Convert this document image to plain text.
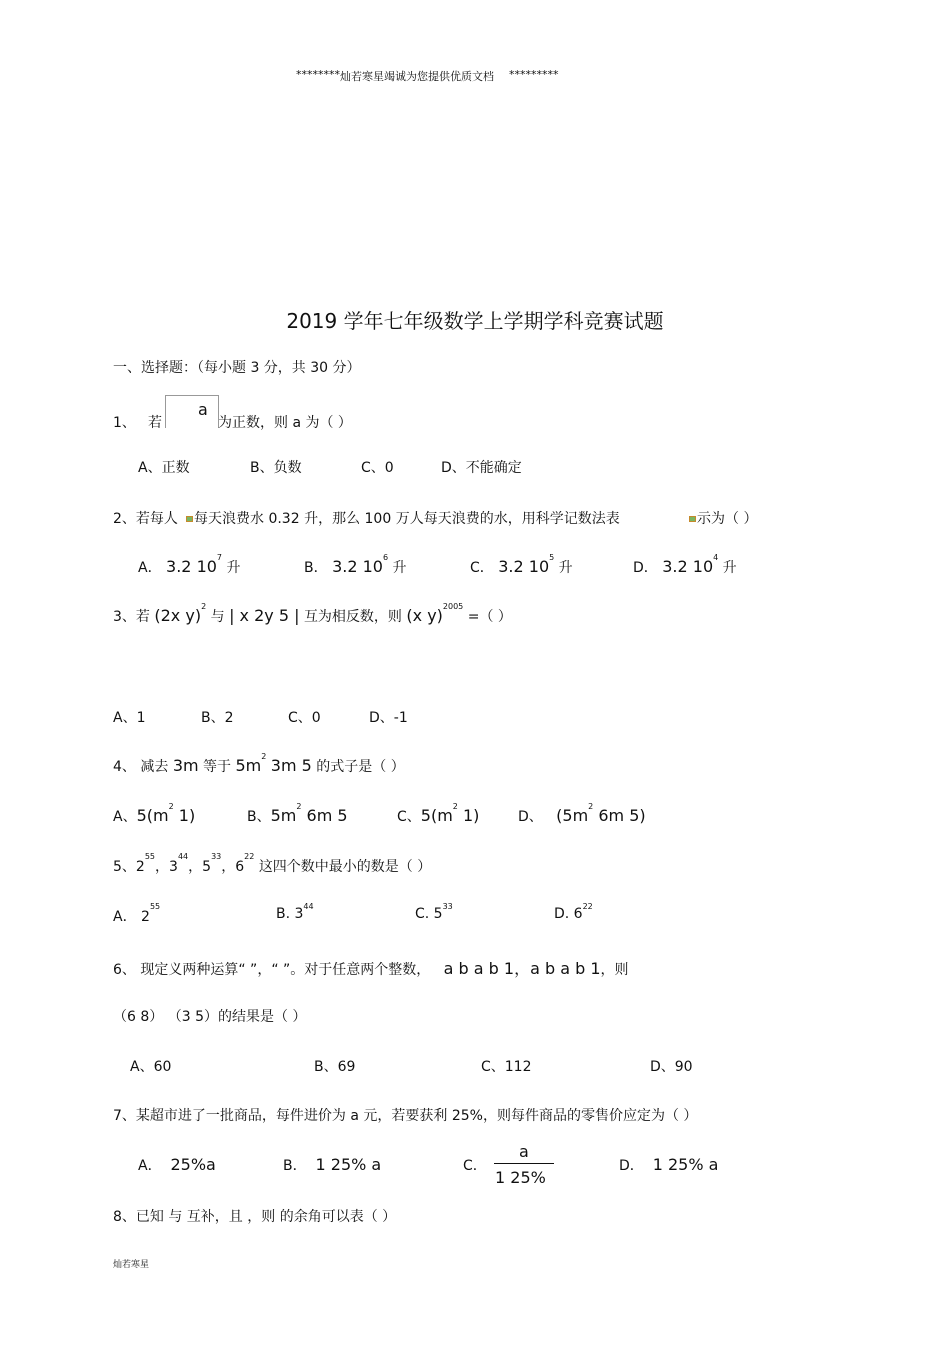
******** 灿若寒星竭诚为您提供优质文档 *********
2019 学年七年级数学上学期学科竞赛试题
一、选择题：（每小题 3 分，共 30 分）
1、 若
a
为正数，则 a 为（ ）
A、正数	B、负数	C、0	D、不能确定
2、若每人 每天浪费水 0.32 升，那么 100 万人每天浪费的水，用科学记数法表	示为（ ）
A． 3.2 $10^7$ 升	B． 3.2 $10^6$ 升	C． 3.2 $10^5$ 升	D． 3.2 $10^4$ 升
3、若 (2x y)$^2$ 与 | x 2y 5 | 互为相反数，则 (x y)$^{2005}$ =（ ）
A、1	B、2	C、0	D、-1
4、 减去 3m 等于 $5m^2$ 3m 5 的式子是（ ）
A、$5(m^2$ 1)	B、$5m^2$ 6m 5	C、$5(m^2$ 1)	D、 ($5m^2$ 6m 5)
5、$2^{55}$，$3^{44}$，$5^{33}$，$6^{22}$ 这四个数中最小的数是（ ）
A． $2^{55}$	B. $3^{44}$	C. $5^{33}$	D. $6^{22}$
6、 现定义两种运算“ ”，“ ”。对于任意两个整数， a b a b 1，a b a b 1，则
（6 8） （3 5）的结果是（ ）
A、60	B、69	C、112	D、90
7、某超市进了一批商品，每件进价为 a 元，若要获利 25%，则每件商品的零售价应定为（ ）
A． 25%a	B． 1 25% a	C．
a
1 25%
D． 1 25% a
8、已知 与 互补，且 ，则 的余角可以表（ ）
灿若寒星
